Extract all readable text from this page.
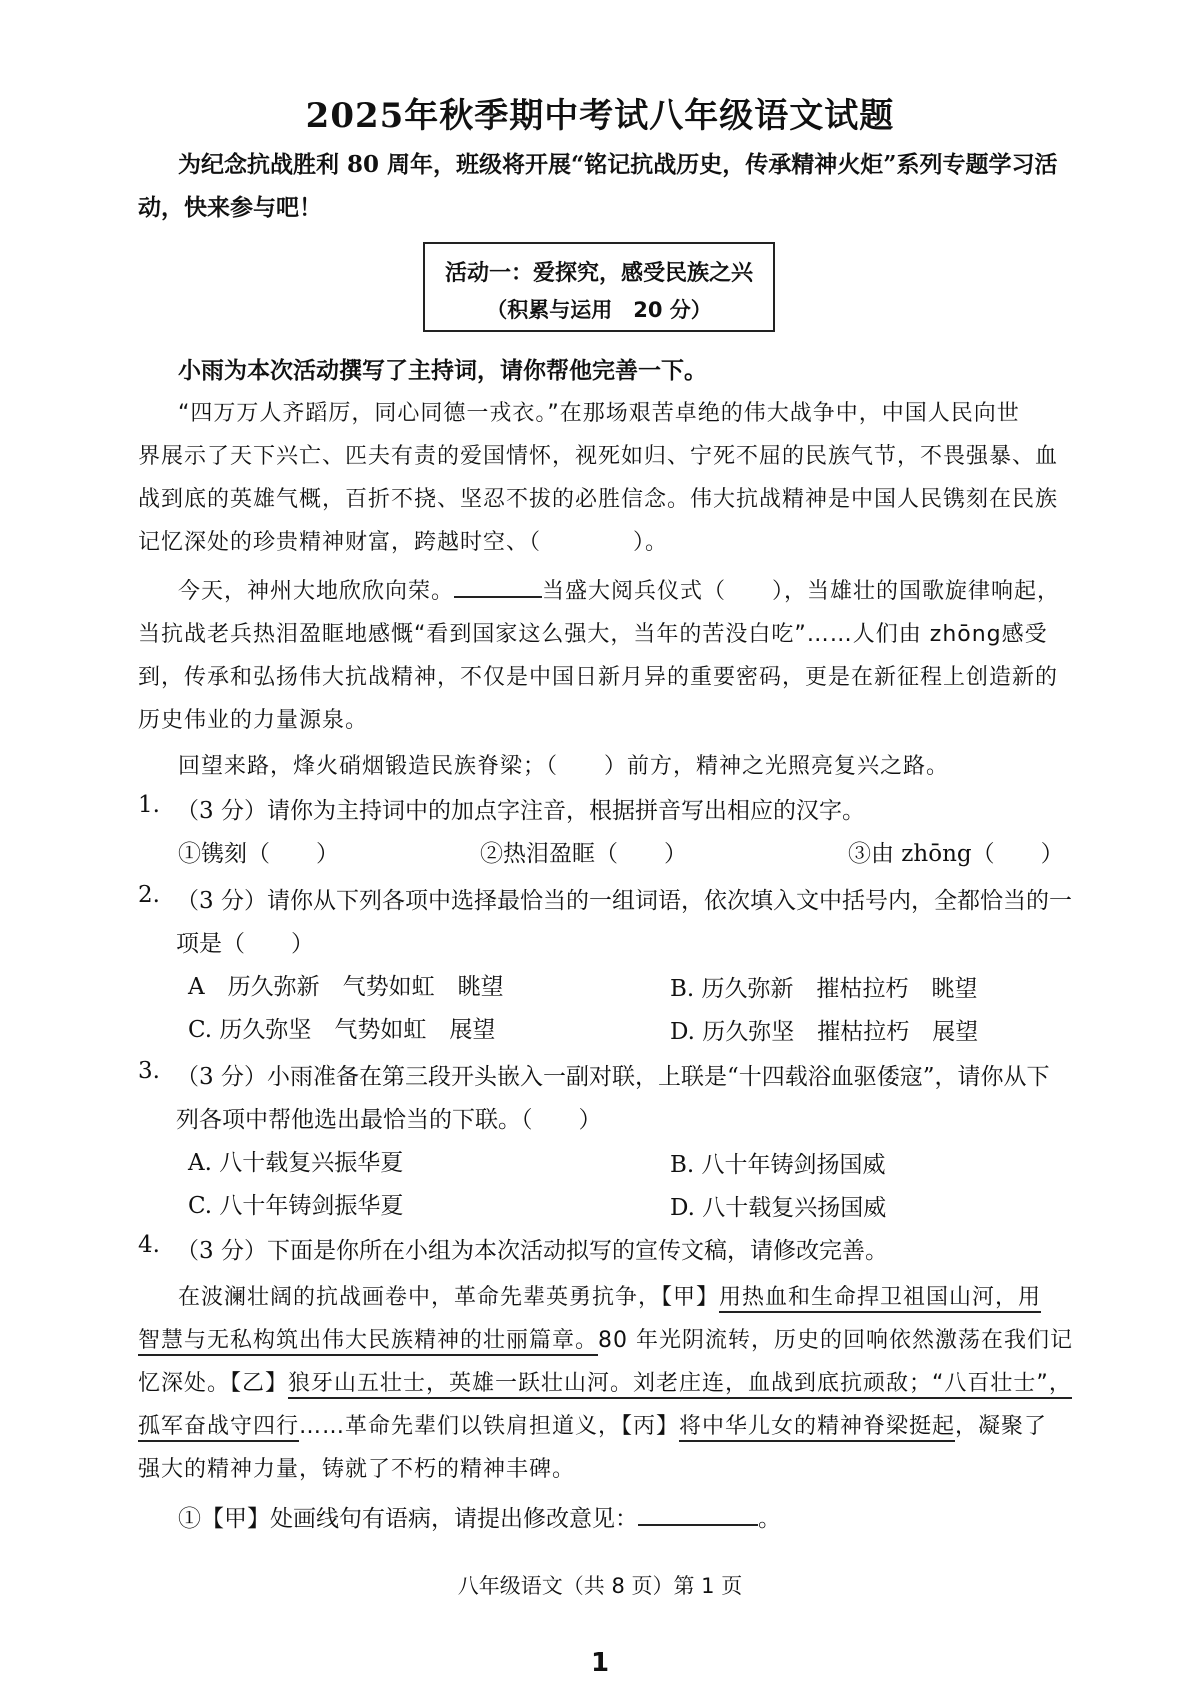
2025年秋季期中考试八年级语文试题
为纪念抗战胜利 80 周年，班级将开展“铭记抗战历史，传承精神火炬”系列专题学习活
动，快来参与吧！
活动一：爱探究，感受民族之兴
（积累与运用　20 分）
小雨为本次活动撰写了主持词，请你帮他完善一下。
“四万万人齐蹈厉，同心同德一戎衣。”在那场艰苦卓绝的伟大战争中，中国人民向世
界展示了天下兴亡、匹夫有责的爱国情怀，视死如归、宁死不屈的民族气节，不畏强暴、血
战到底的英雄气概，百折不挠、坚忍不拔的必胜信念。伟大抗战精神是中国人民镌刻在民族
记忆深处的珍贵精神财富，跨越时空、（　　　　）。
今天，神州大地欣欣向荣。	当盛大阅兵仪式（　　），当雄壮的国歌旋律响起，
当抗战老兵热泪盈眶地感慨“看到国家这么强大，当年的苦没白吃”……人们由 zhōng感受
到，传承和弘扬伟大抗战精神，不仅是中国日新月异的重要密码，更是在新征程上创造新的
历史伟业的力量源泉。
回望来路，烽火硝烟锻造民族脊梁；（　　）前方，精神之光照亮复兴之路。
1. （3 分）请你为主持词中的加点字注音，根据拼音写出相应的汉字。
①镌刻（　　）	②热泪盈眶（　　）	③由 zhōng（　　）
2. （3 分）请你从下列各项中选择最恰当的一组词语，依次填入文中括号内，全都恰当的一
项是（　　）
A　历久弥新　气势如虹　眺望	B. 历久弥新　摧枯拉朽　眺望
C. 历久弥坚　气势如虹　展望	D. 历久弥坚　摧枯拉朽　展望
3. （3 分）小雨准备在第三段开头嵌入一副对联，上联是“十四载浴血驱倭寇”，请你从下
列各项中帮他选出最恰当的下联。（　　）
A. 八十载复兴振华夏	B. 八十年铸剑扬国威
C. 八十年铸剑振华夏	D. 八十载复兴扬国威
4. （3 分）下面是你所在小组为本次活动拟写的宣传文稿，请修改完善。
在波澜壮阔的抗战画卷中，革命先辈英勇抗争，【甲】用热血和生命捍卫祖国山河，用
智慧与无私构筑出伟大民族精神的壮丽篇章。80 年光阴流转，历史的回响依然激荡在我们记
忆深处。【乙】狼牙山五壮士，英雄一跃壮山河。刘老庄连，血战到底抗顽敌；“八百壮士”，
孤军奋战守四行……革命先辈们以铁肩担道义，【丙】将中华儿女的精神脊梁挺起，凝聚了
强大的精神力量，铸就了不朽的精神丰碑。
①【甲】处画线句有语病，请提出修改意见：	。
八年级语文（共 8 页）第 1 页
1
